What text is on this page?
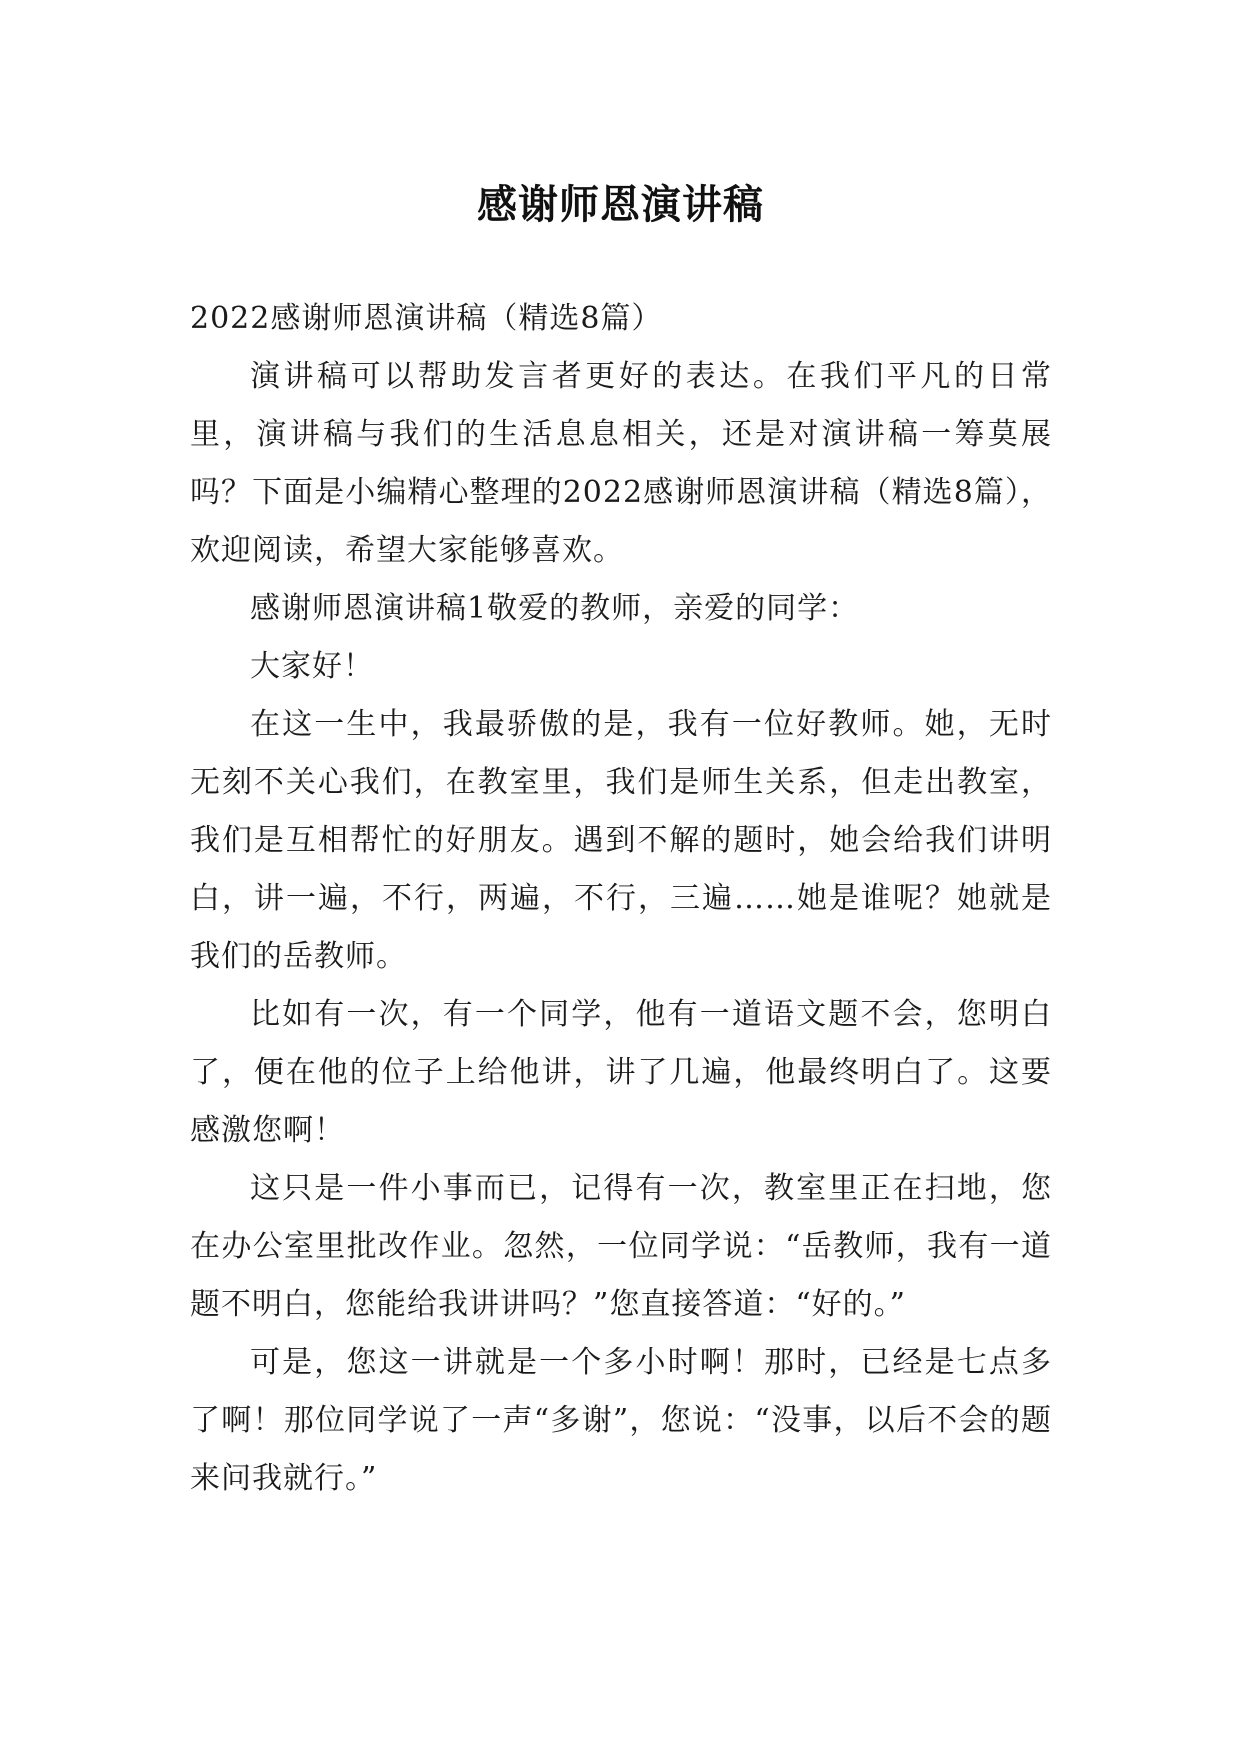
感谢师恩演讲稿

2022感谢师恩演讲稿（精选8篇）

演讲稿可以帮助发言者更好的表达。在我们平凡的日常里，演讲稿与我们的生活息息相关，还是对演讲稿一筹莫展吗？下面是小编精心整理的2022感谢师恩演讲稿（精选8篇），欢迎阅读，希望大家能够喜欢。

感谢师恩演讲稿1敬爱的教师，亲爱的同学：

大家好！

在这一生中，我最骄傲的是，我有一位好教师。她，无时无刻不关心我们，在教室里，我们是师生关系，但走出教室，我们是互相帮忙的好朋友。遇到不解的题时，她会给我们讲明白，讲一遍，不行，两遍，不行，三遍……她是谁呢？她就是我们的岳教师。

比如有一次，有一个同学，他有一道语文题不会，您明白了，便在他的位子上给他讲，讲了几遍，他最终明白了。这要感激您啊！

这只是一件小事而已，记得有一次，教室里正在扫地，您在办公室里批改作业。忽然，一位同学说：“岳教师，我有一道题不明白，您能给我讲讲吗？”您直接答道：“好的。”

可是，您这一讲就是一个多小时啊！那时，已经是七点多了啊！那位同学说了一声“多谢”，您说：“没事，以后不会的题来问我就行。”
